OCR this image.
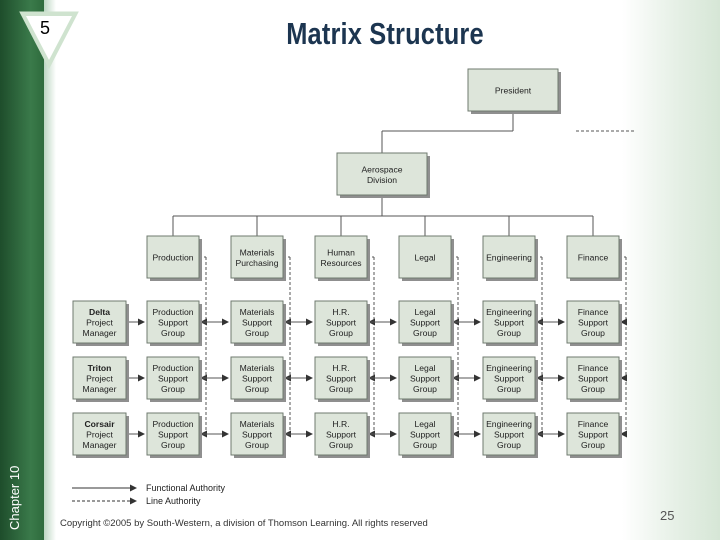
Chapter 10
5	Matrix Structure
President
Aerospace Division
Production
Materials Purchasing
Human Resources
Legal	Engineering	Finance
Delta Project Manager
Triton Project Manager
Corsair Project Manager
Production Support Group
Materials Support Group
H.R. Support Group
Legal Support Group
Engineering Support Group
Finance Support Group
Production Support Group
Materials Support Group
H.R. Support Group
Legal Support Group
Engineering Support Group
Finance Support Group
Production Support Group
Materials Support Group
H.R. Support Group
Legal Support Group
Engineering Support Group
Finance Support Group
Functional Authority
Line Authority
Copyright ©2005 by South-Western, a division of Thomson Learning. All rights reserved
25
